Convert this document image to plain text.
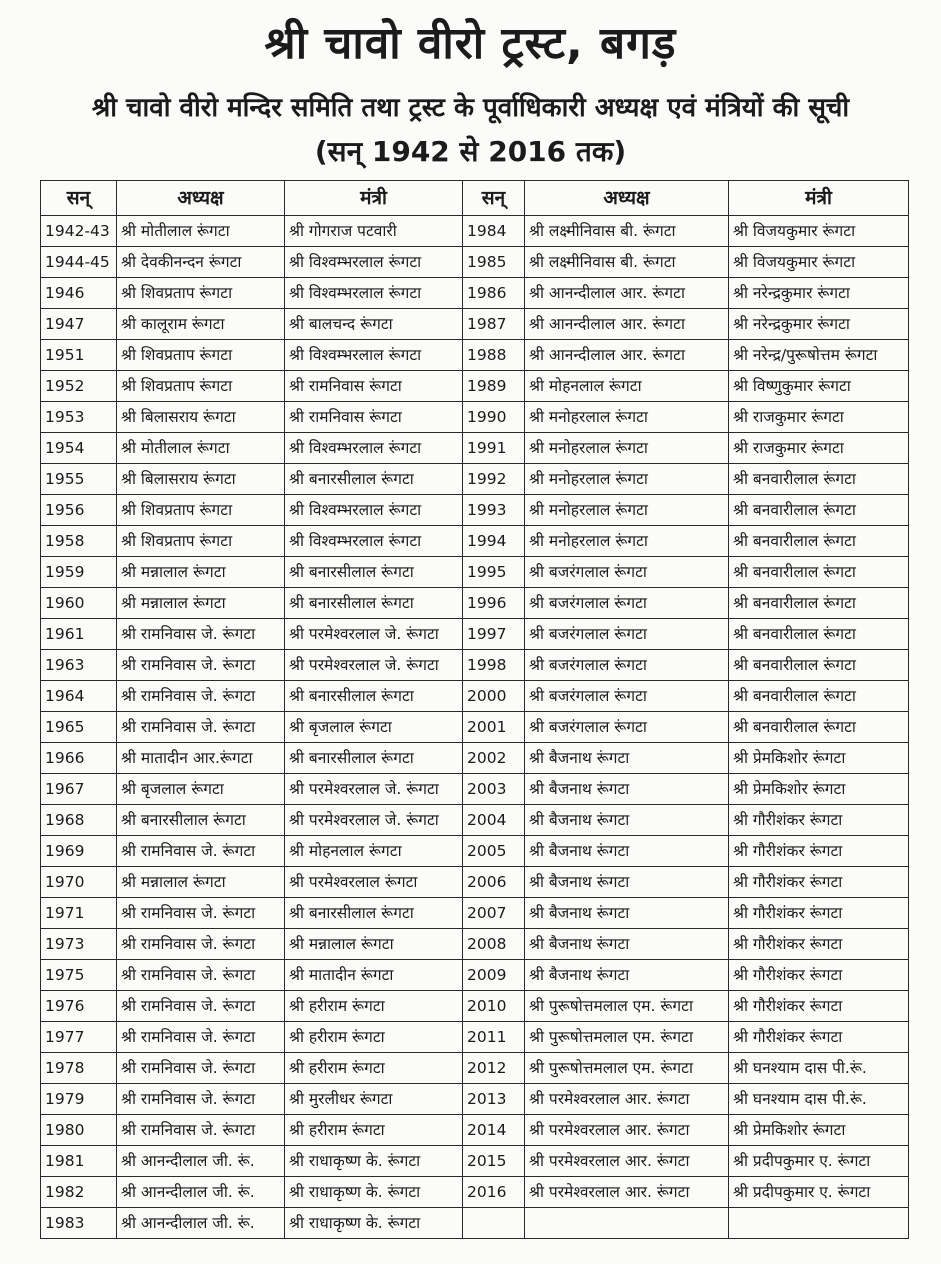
श्री चावो वीरो ट्रस्ट, बगड़
श्री चावो वीरो मन्दिर समिति तथा ट्रस्ट के पूर्वाधिकारी अध्यक्ष एवं मंत्रियों की सूची
(सन् 1942 से 2016 तक)
सन्	अध्यक्ष	मंत्री	सन्	अध्यक्ष	मंत्री
1942-43	श्री मोतीलाल रूंगटा	श्री गोगराज पटवारी	1984	श्री लक्ष्मीनिवास बी. रूंगटा	श्री विजयकुमार रूंगटा
1944-45	श्री देवकीनन्दन रूंगटा	श्री विश्वम्भरलाल रूंगटा	1985	श्री लक्ष्मीनिवास बी. रूंगटा	श्री विजयकुमार रूंगटा
1946	श्री शिवप्रताप रूंगटा	श्री विश्वम्भरलाल रूंगटा	1986	श्री आनन्दीलाल आर. रूंगटा	श्री नरेन्द्रकुमार रूंगटा
1947	श्री कालूराम रूंगटा	श्री बालचन्द रूंगटा	1987	श्री आनन्दीलाल आर. रूंगटा	श्री नरेन्द्रकुमार रूंगटा
1951	श्री शिवप्रताप रूंगटा	श्री विश्वम्भरलाल रूंगटा	1988	श्री आनन्दीलाल आर. रूंगटा	श्री नरेन्द्र/पुरूषोत्तम रूंगटा
1952	श्री शिवप्रताप रूंगटा	श्री रामनिवास रूंगटा	1989	श्री मोहनलाल रूंगटा	श्री विष्णुकुमार रूंगटा
1953	श्री बिलासराय रूंगटा	श्री रामनिवास रूंगटा	1990	श्री मनोहरलाल रूंगटा	श्री राजकुमार रूंगटा
1954	श्री मोतीलाल रूंगटा	श्री विश्वम्भरलाल रूंगटा	1991	श्री मनोहरलाल रूंगटा	श्री राजकुमार रूंगटा
1955	श्री बिलासराय रूंगटा	श्री बनारसीलाल रूंगटा	1992	श्री मनोहरलाल रूंगटा	श्री बनवारीलाल रूंगटा
1956	श्री शिवप्रताप रूंगटा	श्री विश्वम्भरलाल रूंगटा	1993	श्री मनोहरलाल रूंगटा	श्री बनवारीलाल रूंगटा
1958	श्री शिवप्रताप रूंगटा	श्री विश्वम्भरलाल रूंगटा	1994	श्री मनोहरलाल रूंगटा	श्री बनवारीलाल रूंगटा
1959	श्री मन्नालाल रूंगटा	श्री बनारसीलाल रूंगटा	1995	श्री बजरंगलाल रूंगटा	श्री बनवारीलाल रूंगटा
1960	श्री मन्नालाल रूंगटा	श्री बनारसीलाल रूंगटा	1996	श्री बजरंगलाल रूंगटा	श्री बनवारीलाल रूंगटा
1961	श्री रामनिवास जे. रूंगटा	श्री परमेश्वरलाल जे. रूंगटा	1997	श्री बजरंगलाल रूंगटा	श्री बनवारीलाल रूंगटा
1963	श्री रामनिवास जे. रूंगटा	श्री परमेश्वरलाल जे. रूंगटा	1998	श्री बजरंगलाल रूंगटा	श्री बनवारीलाल रूंगटा
1964	श्री रामनिवास जे. रूंगटा	श्री बनारसीलाल रूंगटा	2000	श्री बजरंगलाल रूंगटा	श्री बनवारीलाल रूंगटा
1965	श्री रामनिवास जे. रूंगटा	श्री बृजलाल रूंगटा	2001	श्री बजरंगलाल रूंगटा	श्री बनवारीलाल रूंगटा
1966	श्री मातादीन आर.रूंगटा	श्री बनारसीलाल रूंगटा	2002	श्री बैजनाथ रूंगटा	श्री प्रेमकिशोर रूंगटा
1967	श्री बृजलाल रूंगटा	श्री परमेश्वरलाल जे. रूंगटा	2003	श्री बैजनाथ रूंगटा	श्री प्रेमकिशोर रूंगटा
1968	श्री बनारसीलाल रूंगटा	श्री परमेश्वरलाल जे. रूंगटा	2004	श्री बैजनाथ रूंगटा	श्री गौरीशंकर रूंगटा
1969	श्री रामनिवास जे. रूंगटा	श्री मोहनलाल रूंगटा	2005	श्री बैजनाथ रूंगटा	श्री गौरीशंकर रूंगटा
1970	श्री मन्नालाल रूंगटा	श्री परमेश्वरलाल रूंगटा	2006	श्री बैजनाथ रूंगटा	श्री गौरीशंकर रूंगटा
1971	श्री रामनिवास जे. रूंगटा	श्री बनारसीलाल रूंगटा	2007	श्री बैजनाथ रूंगटा	श्री गौरीशंकर रूंगटा
1973	श्री रामनिवास जे. रूंगटा	श्री मन्नालाल रूंगटा	2008	श्री बैजनाथ रूंगटा	श्री गौरीशंकर रूंगटा
1975	श्री रामनिवास जे. रूंगटा	श्री मातादीन रूंगटा	2009	श्री बैजनाथ रूंगटा	श्री गौरीशंकर रूंगटा
1976	श्री रामनिवास जे. रूंगटा	श्री हरीराम रूंगटा	2010	श्री पुरूषोत्तमलाल एम. रूंगटा	श्री गौरीशंकर रूंगटा
1977	श्री रामनिवास जे. रूंगटा	श्री हरीराम रूंगटा	2011	श्री पुरूषोत्तमलाल एम. रूंगटा	श्री गौरीशंकर रूंगटा
1978	श्री रामनिवास जे. रूंगटा	श्री हरीराम रूंगटा	2012	श्री पुरूषोत्तमलाल एम. रूंगटा	श्री घनश्याम दास पी.रूं.
1979	श्री रामनिवास जे. रूंगटा	श्री मुरलीधर रूंगटा	2013	श्री परमेश्वरलाल आर. रूंगटा	श्री घनश्याम दास पी.रूं.
1980	श्री रामनिवास जे. रूंगटा	श्री हरीराम रूंगटा	2014	श्री परमेश्वरलाल आर. रूंगटा	श्री प्रेमकिशोर रूंगटा
1981	श्री आनन्दीलाल जी. रूं.	श्री राधाकृष्ण के. रूंगटा	2015	श्री परमेश्वरलाल आर. रूंगटा	श्री प्रदीपकुमार ए. रूंगटा
1982	श्री आनन्दीलाल जी. रूं.	श्री राधाकृष्ण के. रूंगटा	2016	श्री परमेश्वरलाल आर. रूंगटा	श्री प्रदीपकुमार ए. रूंगटा
1983	श्री आनन्दीलाल जी. रूं.	श्री राधाकृष्ण के. रूंगटा			
